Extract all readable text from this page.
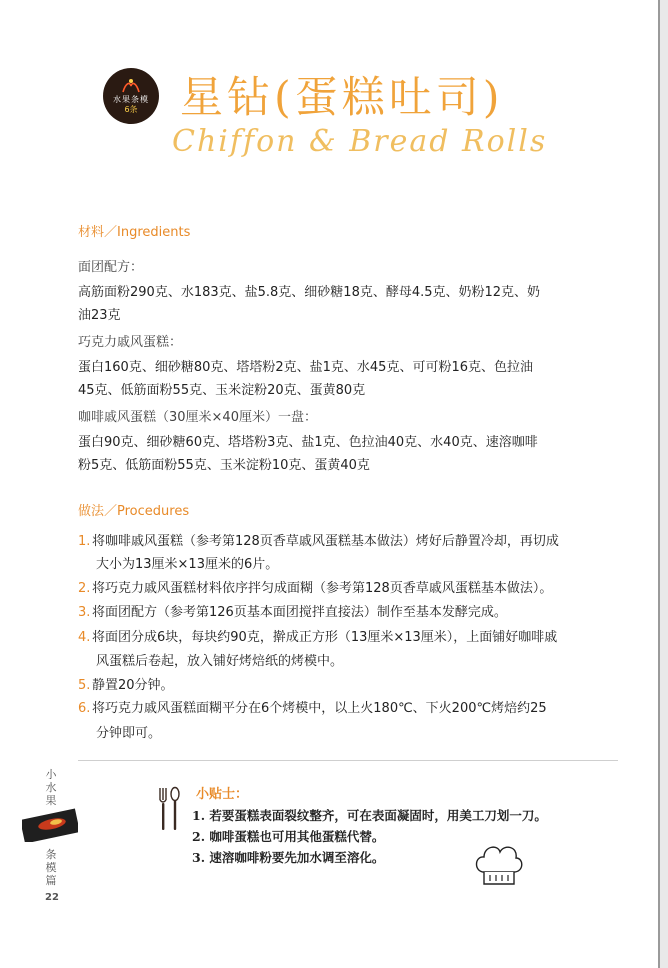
水果条模
6条 星钻(蛋糕吐司)
Chiffon & Bread Rolls
材料／Ingredients
面团配方：
高筋面粉290克、水183克、盐5.8克、细砂糖18克、酵母4.5克、奶粉12克、奶
油23克
巧克力戚风蛋糕：
蛋白160克、细砂糖80克、塔塔粉2克、盐1克、水45克、可可粉16克、色拉油
45克、低筋面粉55克、玉米淀粉20克、蛋黄80克
咖啡戚风蛋糕（30厘米×40厘米）一盘：
蛋白90克、细砂糖60克、塔塔粉3克、盐1克、色拉油40克、水40克、速溶咖啡
粉5克、低筋面粉55克、玉米淀粉10克、蛋黄40克
做法／Procedures
1. 将咖啡戚风蛋糕（参考第128页香草戚风蛋糕基本做法）烤好后静置冷却，再切成
大小为13厘米×13厘米的6片。
2. 将巧克力戚风蛋糕材料依序拌匀成面糊（参考第128页香草戚风蛋糕基本做法）。
3. 将面团配方（参考第126页基本面团搅拌直接法）制作至基本发酵完成。
4. 将面团分成6块，每块约90克，擀成正方形（13厘米×13厘米），上面铺好咖啡戚
风蛋糕后卷起，放入铺好烤焙纸的烤模中。
5. 静置20分钟。
6. 将巧克力戚风蛋糕面糊平分在6个烤模中，以上火180℃、下火200℃烤焙约25
分钟即可。
小水果
条模篇
22
小贴士：
1. 若要蛋糕表面裂纹整齐，可在表面凝固时，用美工刀划一刀。
2. 咖啡蛋糕也可用其他蛋糕代替。
3. 速溶咖啡粉要先加水调至溶化。
